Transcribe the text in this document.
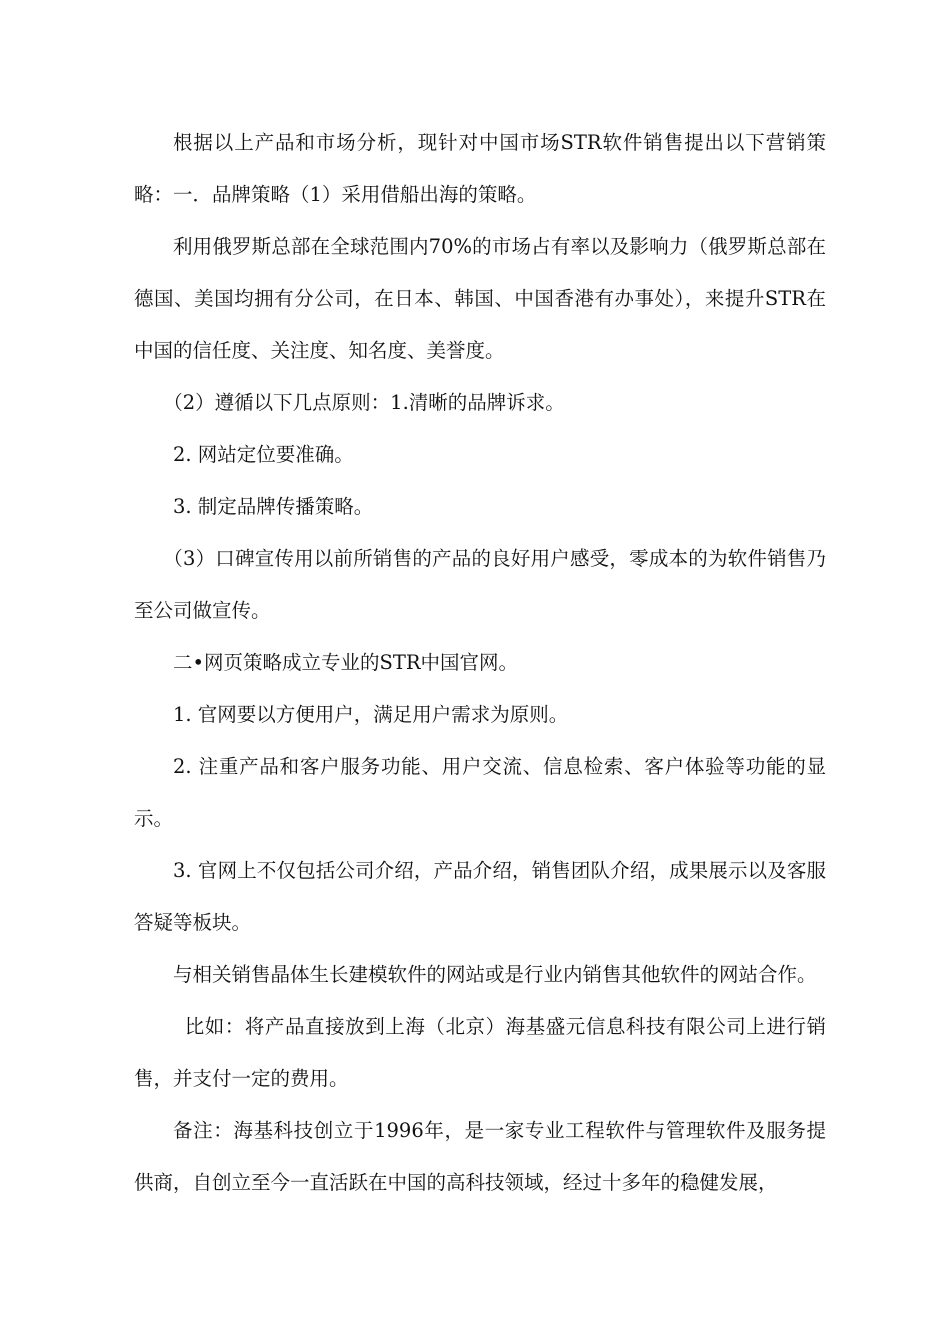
根据以上产品和市场分析，现针对中国市场STR软件销售提出以下营销策略：一．品牌策略（1）采用借船出海的策略。

利用俄罗斯总部在全球范围内70%的市场占有率以及影响力（俄罗斯总部在德国、美国均拥有分公司，在日本、韩国、中国香港有办事处），来提升STR在中国的信任度、关注度、知名度、美誉度。

（2）遵循以下几点原则：1.清晰的品牌诉求。

2. 网站定位要准确。

3. 制定品牌传播策略。

（3）口碑宣传用以前所销售的产品的良好用户感受，零成本的为软件销售乃至公司做宣传。

二•网页策略成立专业的STR中国官网。

1. 官网要以方便用户，满足用户需求为原则。

2. 注重产品和客户服务功能、用户交流、信息检索、客户体验等功能的显示。

3. 官网上不仅包括公司介绍，产品介绍，销售团队介绍，成果展示以及客服答疑等板块。

与相关销售晶体生长建模软件的网站或是行业内销售其他软件的网站合作。

比如：将产品直接放到上海（北京）海基盛元信息科技有限公司上进行销售，并支付一定的费用。

备注：海基科技创立于1996年，是一家专业工程软件与管理软件及服务提供商，自创立至今一直活跃在中国的高科技领域，经过十多年的稳健发展，
